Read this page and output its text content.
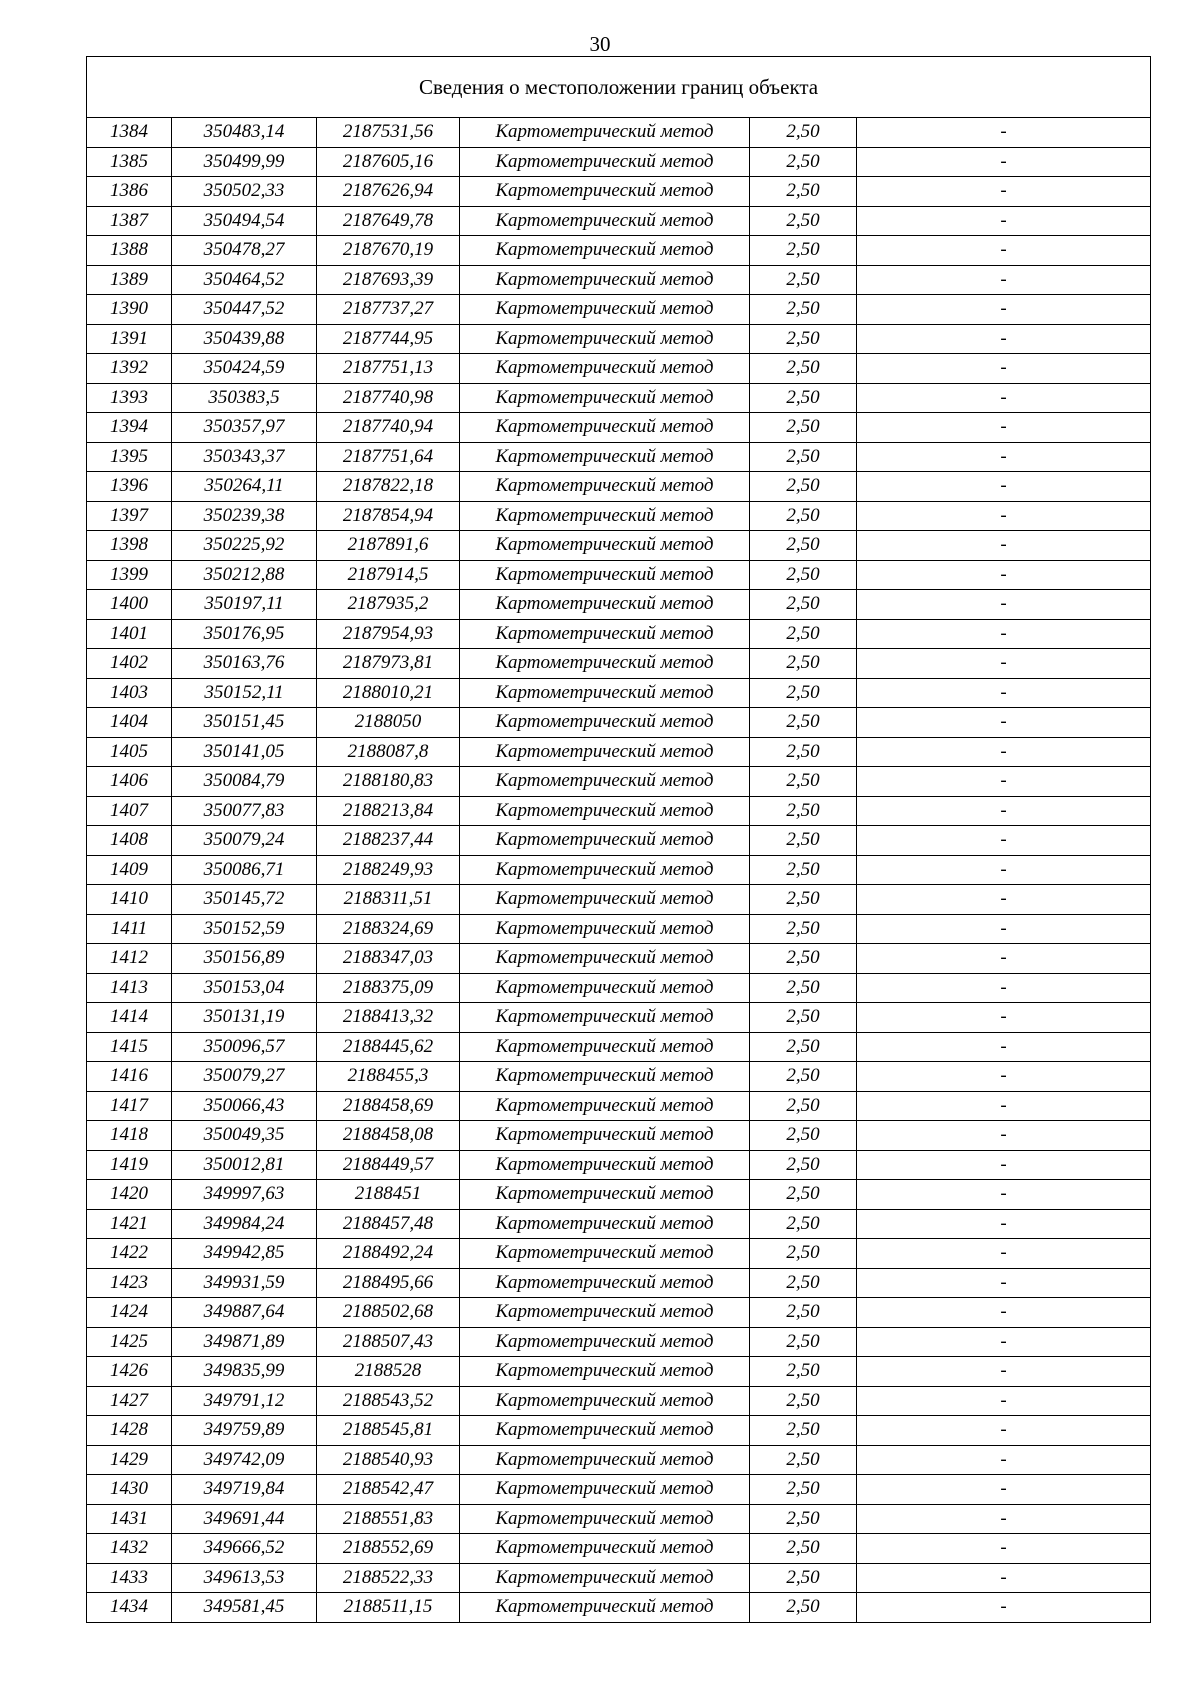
30
Сведения о местоположении границ объекта					
1384	350483,14	2187531,56	Картометрический метод	2,50	-
1385	350499,99	2187605,16	Картометрический метод	2,50	-
1386	350502,33	2187626,94	Картометрический метод	2,50	-
1387	350494,54	2187649,78	Картометрический метод	2,50	-
1388	350478,27	2187670,19	Картометрический метод	2,50	-
1389	350464,52	2187693,39	Картометрический метод	2,50	-
1390	350447,52	2187737,27	Картометрический метод	2,50	-
1391	350439,88	2187744,95	Картометрический метод	2,50	-
1392	350424,59	2187751,13	Картометрический метод	2,50	-
1393	350383,5	2187740,98	Картометрический метод	2,50	-
1394	350357,97	2187740,94	Картометрический метод	2,50	-
1395	350343,37	2187751,64	Картометрический метод	2,50	-
1396	350264,11	2187822,18	Картометрический метод	2,50	-
1397	350239,38	2187854,94	Картометрический метод	2,50	-
1398	350225,92	2187891,6	Картометрический метод	2,50	-
1399	350212,88	2187914,5	Картометрический метод	2,50	-
1400	350197,11	2187935,2	Картометрический метод	2,50	-
1401	350176,95	2187954,93	Картометрический метод	2,50	-
1402	350163,76	2187973,81	Картометрический метод	2,50	-
1403	350152,11	2188010,21	Картометрический метод	2,50	-
1404	350151,45	2188050	Картометрический метод	2,50	-
1405	350141,05	2188087,8	Картометрический метод	2,50	-
1406	350084,79	2188180,83	Картометрический метод	2,50	-
1407	350077,83	2188213,84	Картометрический метод	2,50	-
1408	350079,24	2188237,44	Картометрический метод	2,50	-
1409	350086,71	2188249,93	Картометрический метод	2,50	-
1410	350145,72	2188311,51	Картометрический метод	2,50	-
1411	350152,59	2188324,69	Картометрический метод	2,50	-
1412	350156,89	2188347,03	Картометрический метод	2,50	-
1413	350153,04	2188375,09	Картометрический метод	2,50	-
1414	350131,19	2188413,32	Картометрический метод	2,50	-
1415	350096,57	2188445,62	Картометрический метод	2,50	-
1416	350079,27	2188455,3	Картометрический метод	2,50	-
1417	350066,43	2188458,69	Картометрический метод	2,50	-
1418	350049,35	2188458,08	Картометрический метод	2,50	-
1419	350012,81	2188449,57	Картометрический метод	2,50	-
1420	349997,63	2188451	Картометрический метод	2,50	-
1421	349984,24	2188457,48	Картометрический метод	2,50	-
1422	349942,85	2188492,24	Картометрический метод	2,50	-
1423	349931,59	2188495,66	Картометрический метод	2,50	-
1424	349887,64	2188502,68	Картометрический метод	2,50	-
1425	349871,89	2188507,43	Картометрический метод	2,50	-
1426	349835,99	2188528	Картометрический метод	2,50	-
1427	349791,12	2188543,52	Картометрический метод	2,50	-
1428	349759,89	2188545,81	Картометрический метод	2,50	-
1429	349742,09	2188540,93	Картометрический метод	2,50	-
1430	349719,84	2188542,47	Картометрический метод	2,50	-
1431	349691,44	2188551,83	Картометрический метод	2,50	-
1432	349666,52	2188552,69	Картометрический метод	2,50	-
1433	349613,53	2188522,33	Картометрический метод	2,50	-
1434	349581,45	2188511,15	Картометрический метод	2,50	-
